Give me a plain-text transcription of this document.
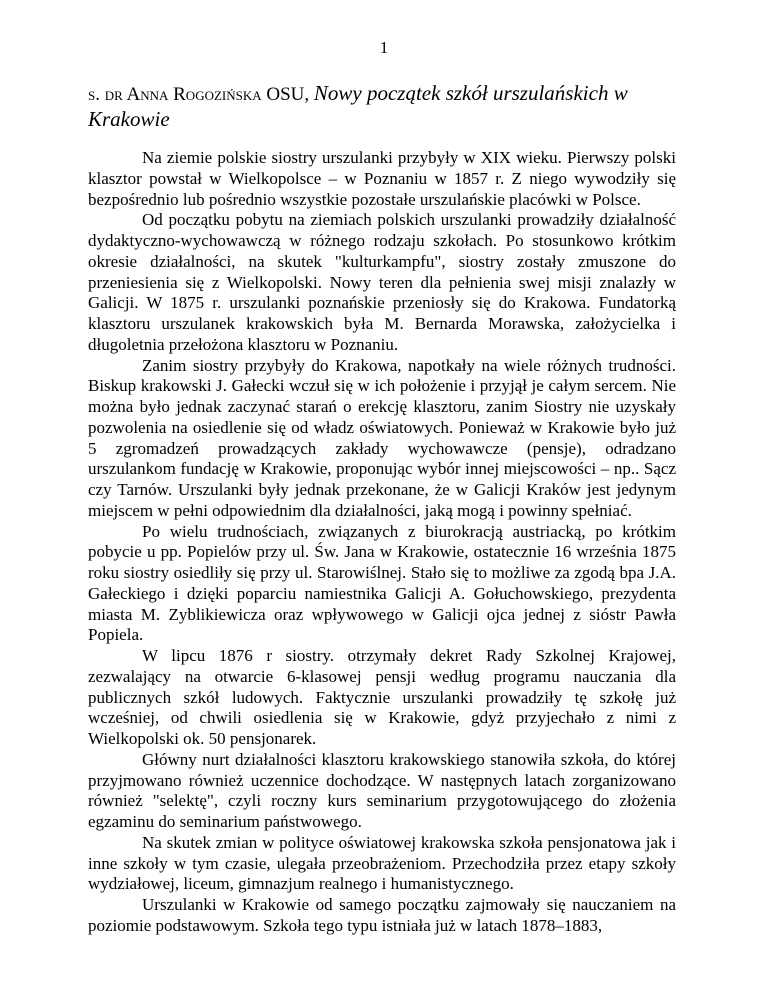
1
s. dr Anna Rogozińska OSU, Nowy początek szkół urszulańskich w Krakowie

Na ziemie polskie siostry urszulanki przybyły w XIX wieku. Pierwszy polski klasztor powstał w Wielkopolsce – w Poznaniu w 1857 r. Z niego wywodziły się bezpośrednio lub pośrednio wszystkie pozostałe urszulańskie placówki w Polsce.

Od początku pobytu na ziemiach polskich urszulanki prowadziły działalność dydaktyczno-wychowawczą w różnego rodzaju szkołach. Po stosunkowo krótkim okresie działalności, na skutek "kulturkampfu", siostry zostały zmuszone do przeniesienia się z Wielkopolski. Nowy teren dla pełnienia swej misji znalazły w Galicji. W 1875 r. urszulanki poznańskie przeniosły się do Krakowa. Fundatorką klasztoru urszulanek krakowskich była M. Bernarda Morawska, założycielka i długoletnia przełożona klasztoru w Poznaniu.

Zanim siostry przybyły do Krakowa, napotkały na wiele różnych trudności. Biskup krakowski J. Gałecki wczuł się w ich położenie i przyjął je całym sercem. Nie można było jednak zaczynać starań o erekcję klasztoru, zanim Siostry nie uzyskały pozwolenia na osiedlenie się od władz oświatowych. Ponieważ w Krakowie było już 5 zgromadzeń prowadzących zakłady wychowawcze (pensje), odradzano urszulankom fundację w Krakowie, proponując wybór innej miejscowości – np.. Sącz czy Tarnów. Urszulanki były jednak przekonane, że w Galicji Kraków jest jedynym miejscem w pełni odpowiednim dla działalności, jaką mogą i powinny spełniać.

Po wielu trudnościach, związanych z biurokracją austriacką, po krótkim pobycie u pp. Popielów przy ul. Św. Jana w Krakowie, ostatecznie 16 września 1875 roku siostry osiedliły się przy ul. Starowiślnej. Stało się to możliwe za zgodą bpa J.A. Gałeckiego i dzięki poparciu namiestnika Galicji A. Gołuchowskiego, prezydenta miasta M. Zyblikiewicza oraz wpływowego w Galicji ojca jednej z sióstr Pawła Popiela.

W lipcu 1876 r siostry. otrzymały dekret Rady Szkolnej Krajowej, zezwalający na otwarcie 6-klasowej pensji według programu nauczania dla publicznych szkół ludowych. Faktycznie urszulanki prowadziły tę szkołę już wcześniej, od chwili osiedlenia się w Krakowie, gdyż przyjechało z nimi z Wielkopolski ok. 50 pensjonarek.

Główny nurt działalności klasztoru krakowskiego stanowiła szkoła, do której przyjmowano również uczennice dochodzące. W następnych latach zorganizowano również "selektę", czyli roczny kurs seminarium przygotowującego do złożenia egzaminu do seminarium państwowego.

Na skutek zmian w polityce oświatowej krakowska szkoła pensjonatowa jak i inne szkoły w tym czasie, ulegała przeobrażeniom. Przechodziła przez etapy szkoły wydziałowej, liceum, gimnazjum realnego i humanistycznego.

Urszulanki w Krakowie od samego początku zajmowały się nauczaniem na poziomie podstawowym. Szkoła tego typu istniała już w latach 1878–1883,
